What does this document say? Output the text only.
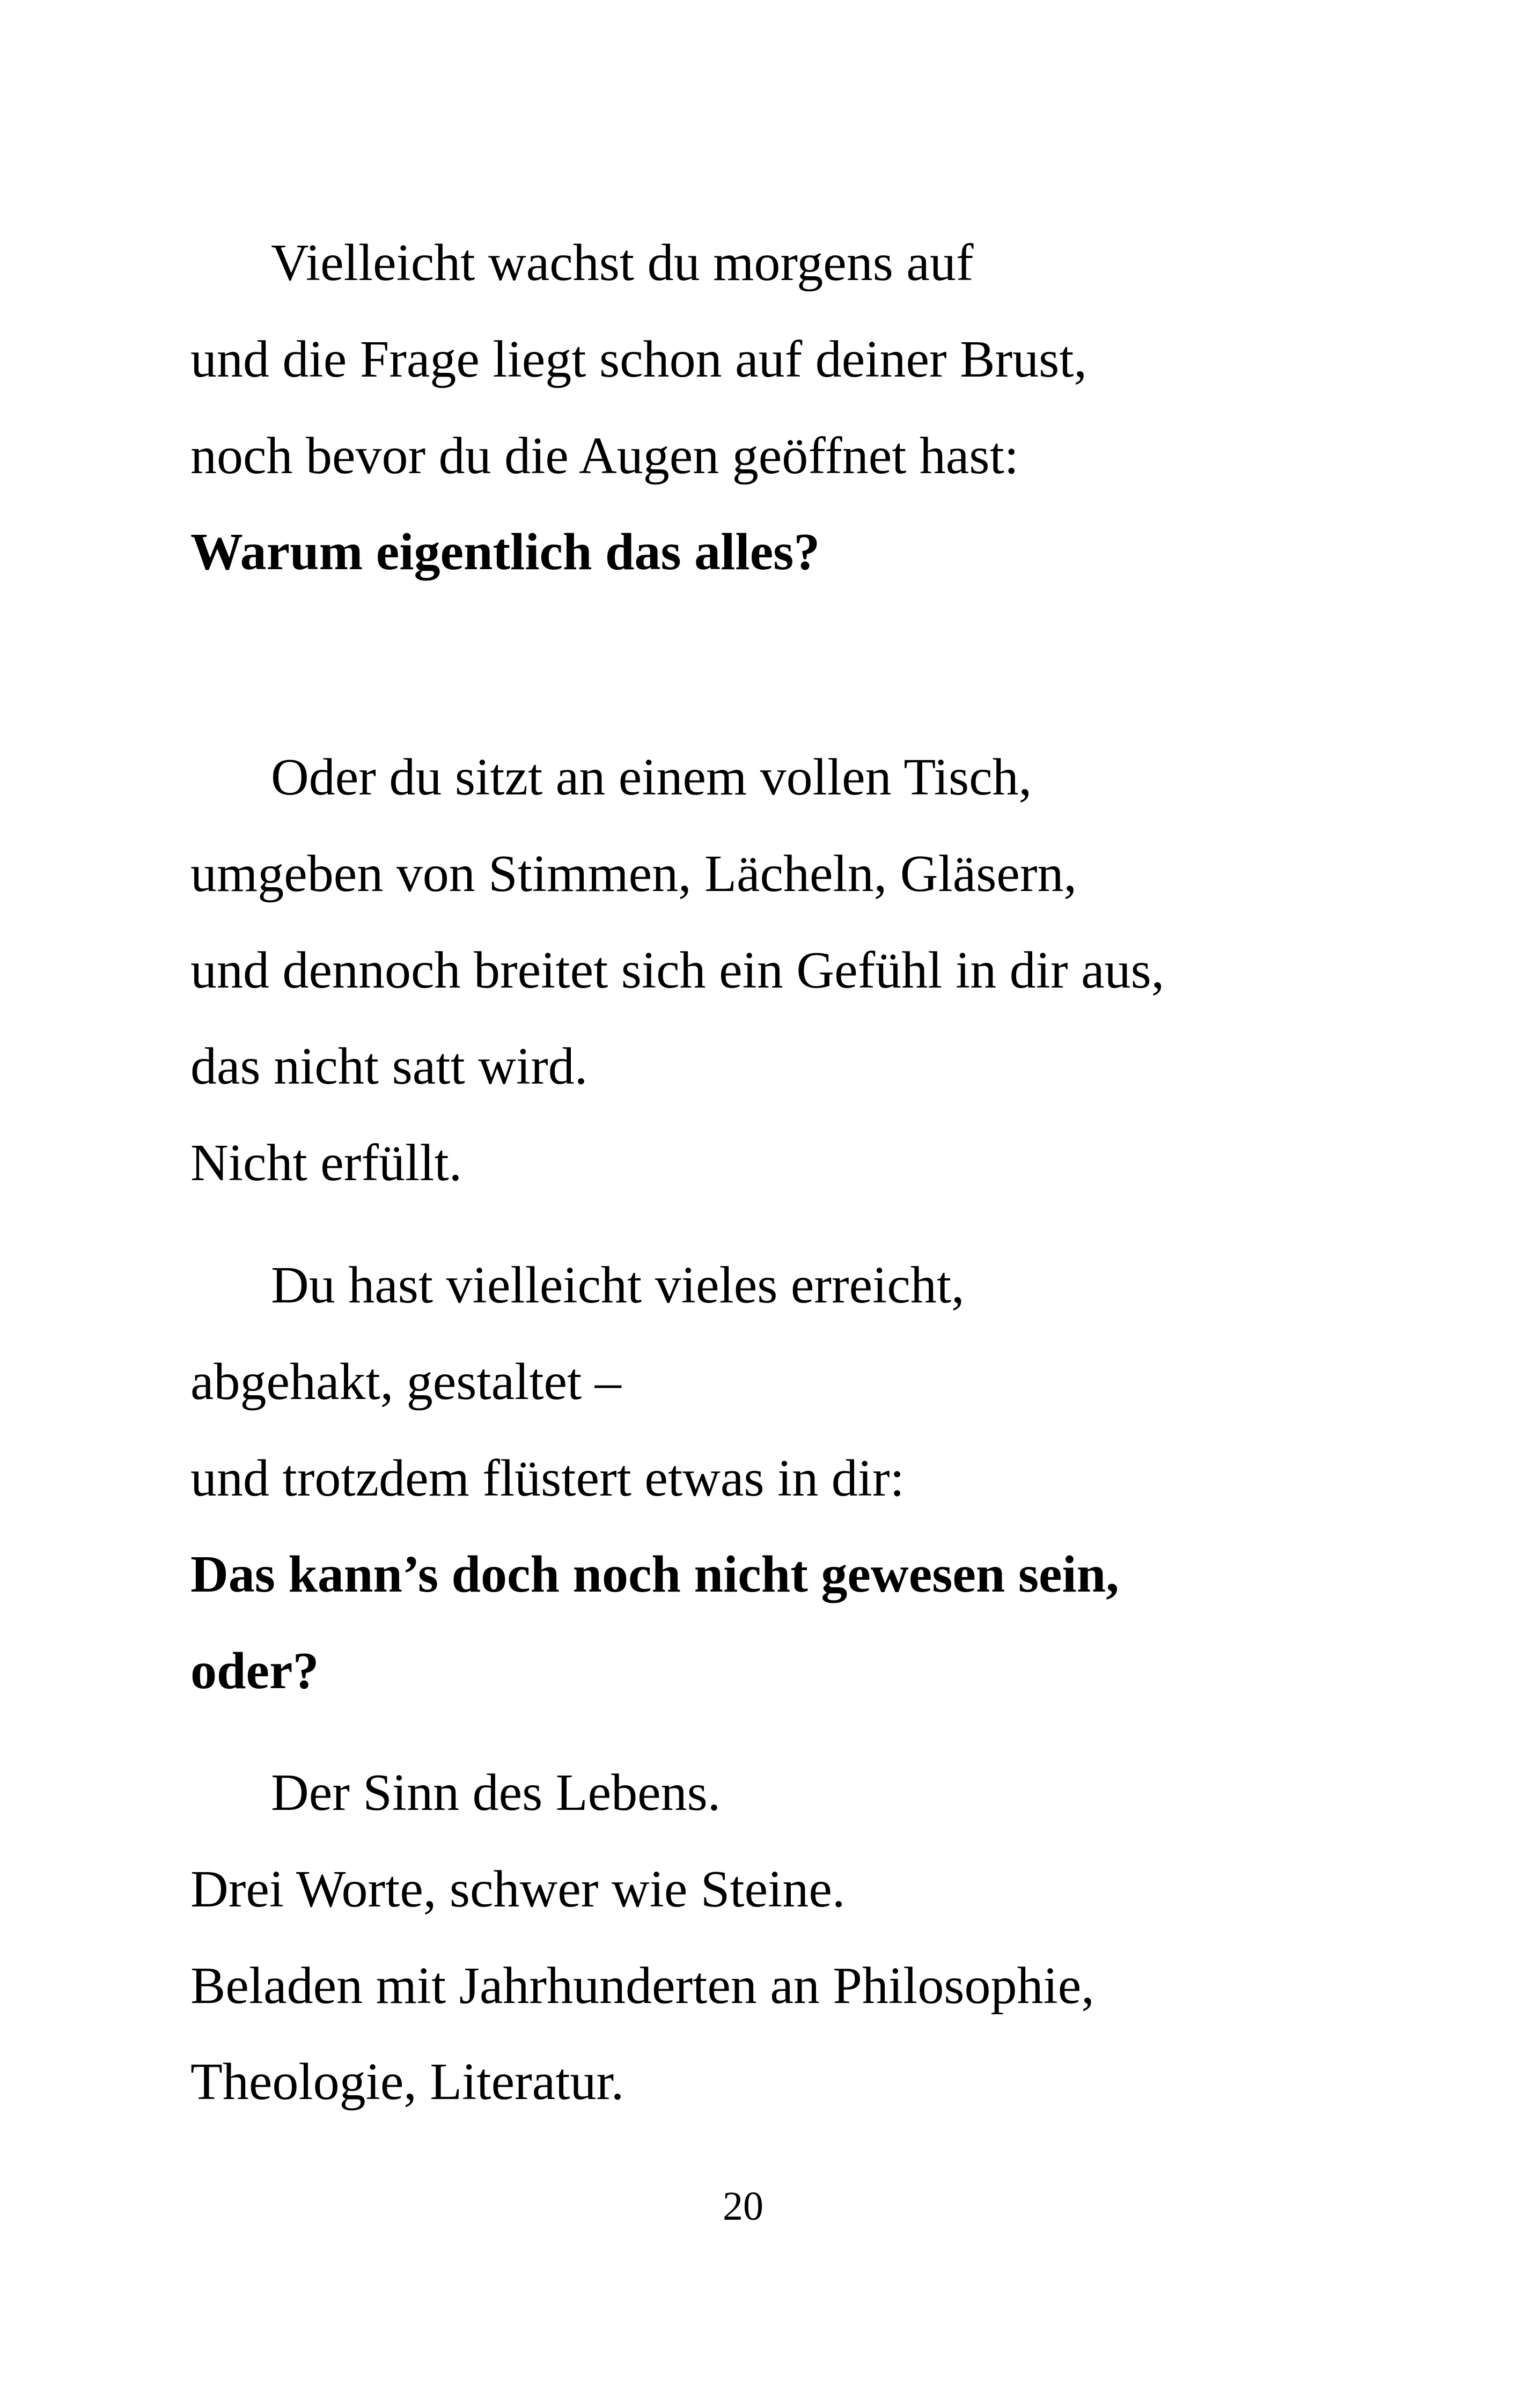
Vielleicht wachst du morgens auf
und die Frage liegt schon auf deiner Brust,
noch bevor du die Augen geöffnet hast:
Warum eigentlich das alles?
Oder du sitzt an einem vollen Tisch,
umgeben von Stimmen, Lächeln, Gläsern,
und dennoch breitet sich ein Gefühl in dir aus,
das nicht satt wird.
Nicht erfüllt.
Du hast vielleicht vieles erreicht,
abgehakt, gestaltet –
und trotzdem flüstert etwas in dir:
Das kann’s doch noch nicht gewesen sein,
oder?
Der Sinn des Lebens.
Drei Worte, schwer wie Steine.
Beladen mit Jahrhunderten an Philosophie,
Theologie, Literatur.
20
